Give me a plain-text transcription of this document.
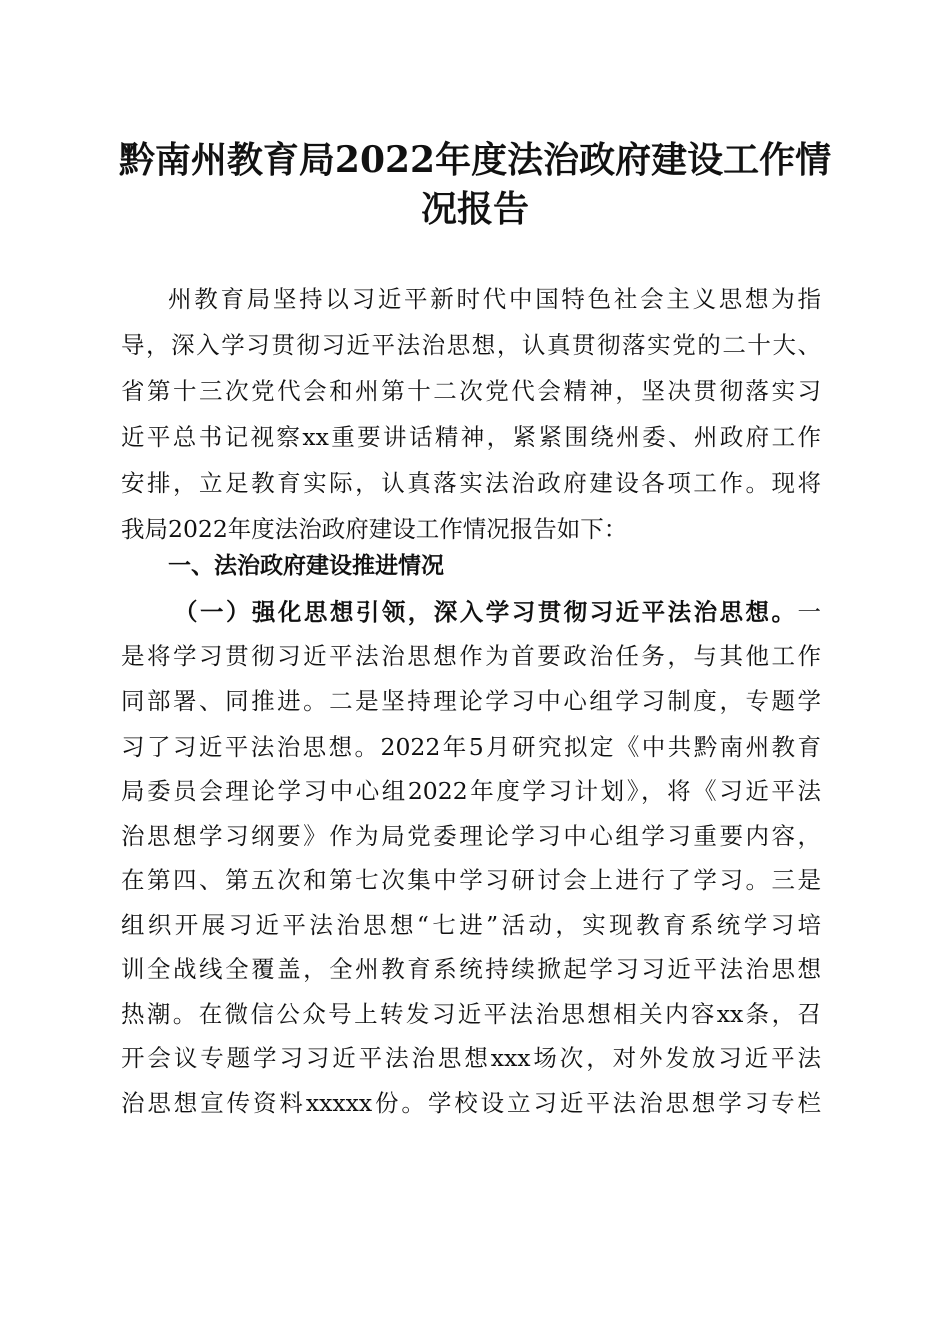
黔南州教育局2022年度法治政府建设工作情
况报告
州教育局坚持以习近平新时代中国特色社会主义思想为指
导，深入学习贯彻习近平法治思想，认真贯彻落实党的二十大、
省第十三次党代会和州第十二次党代会精神，坚决贯彻落实习
近平总书记视察xx重要讲话精神，紧紧围绕州委、州政府工作
安排，立足教育实际，认真落实法治政府建设各项工作。现将
我局2022年度法治政府建设工作情况报告如下：
一、法治政府建设推进情况
（一）强化思想引领，深入学习贯彻习近平法治思想。一
是将学习贯彻习近平法治思想作为首要政治任务，与其他工作
同部署、同推进。二是坚持理论学习中心组学习制度，专题学
习了习近平法治思想。2022年5月研究拟定《中共黔南州教育
局委员会理论学习中心组2022年度学习计划》，将《习近平法
治思想学习纲要》作为局党委理论学习中心组学习重要内容，
在第四、第五次和第七次集中学习研讨会上进行了学习。三是
组织开展习近平法治思想“七进”活动，实现教育系统学习培
训全战线全覆盖，全州教育系统持续掀起学习习近平法治思想
热潮。在微信公众号上转发习近平法治思想相关内容xx条，召
开会议专题学习习近平法治思想xxx场次，对外发放习近平法
治思想宣传资料xxxxx份。学校设立习近平法治思想学习专栏
